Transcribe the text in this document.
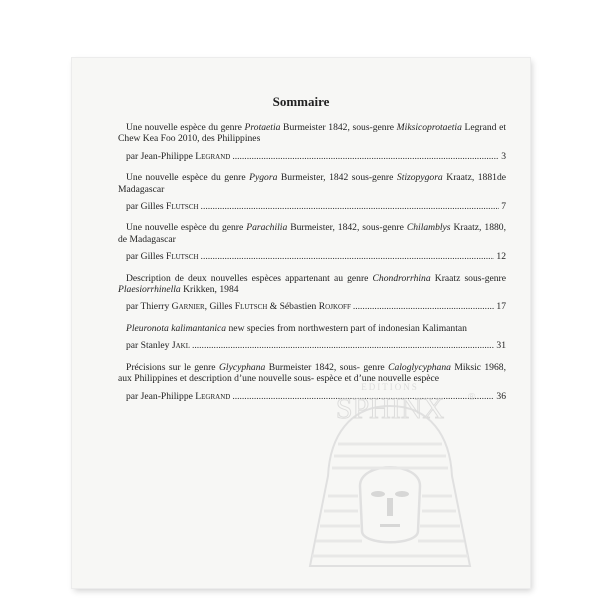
Sommaire
Une nouvelle espèce du genre Protaetia Burmeister 1842, sous-genre Miksicoprotaetia Legrand et Chew Kea Foo 2010, des Philippines
par Jean-Philippe Legrand . . .	3
Une nouvelle espèce du genre Pygora Burmeister, 1842 sous-genre Stizopygora Kraatz, 1881de Madagascar
par Gilles Flutsch . . .	7
Une nouvelle espèce du genre Parachilia Burmeister, 1842, sous-genre Chilamblys Kraatz, 1880, de Madagascar
par Gilles Flutsch . . .	12
Description de deux nouvelles espèces appartenant au genre Chondrorrhina Kraatz sous-genre Plaesiorrhinella Krikken, 1984
par Thierry Garnier, Gilles Flutsch & Sébastien Rojkoff . . .	17
Pleuronota kalimantanica new species from northwestern part of indonesian Kalimantan
par Stanley Jakl . . .	31
Précisions sur le genre Glycyphana Burmeister 1842, sous- genre Caloglycyphana Miksic 1968, aux Philippines et description d’une nouvelle sous- espèce et d’une nouvelle espèce
par Jean-Philippe Legrand . . .	36
EDITIONS
SPHINX ®
